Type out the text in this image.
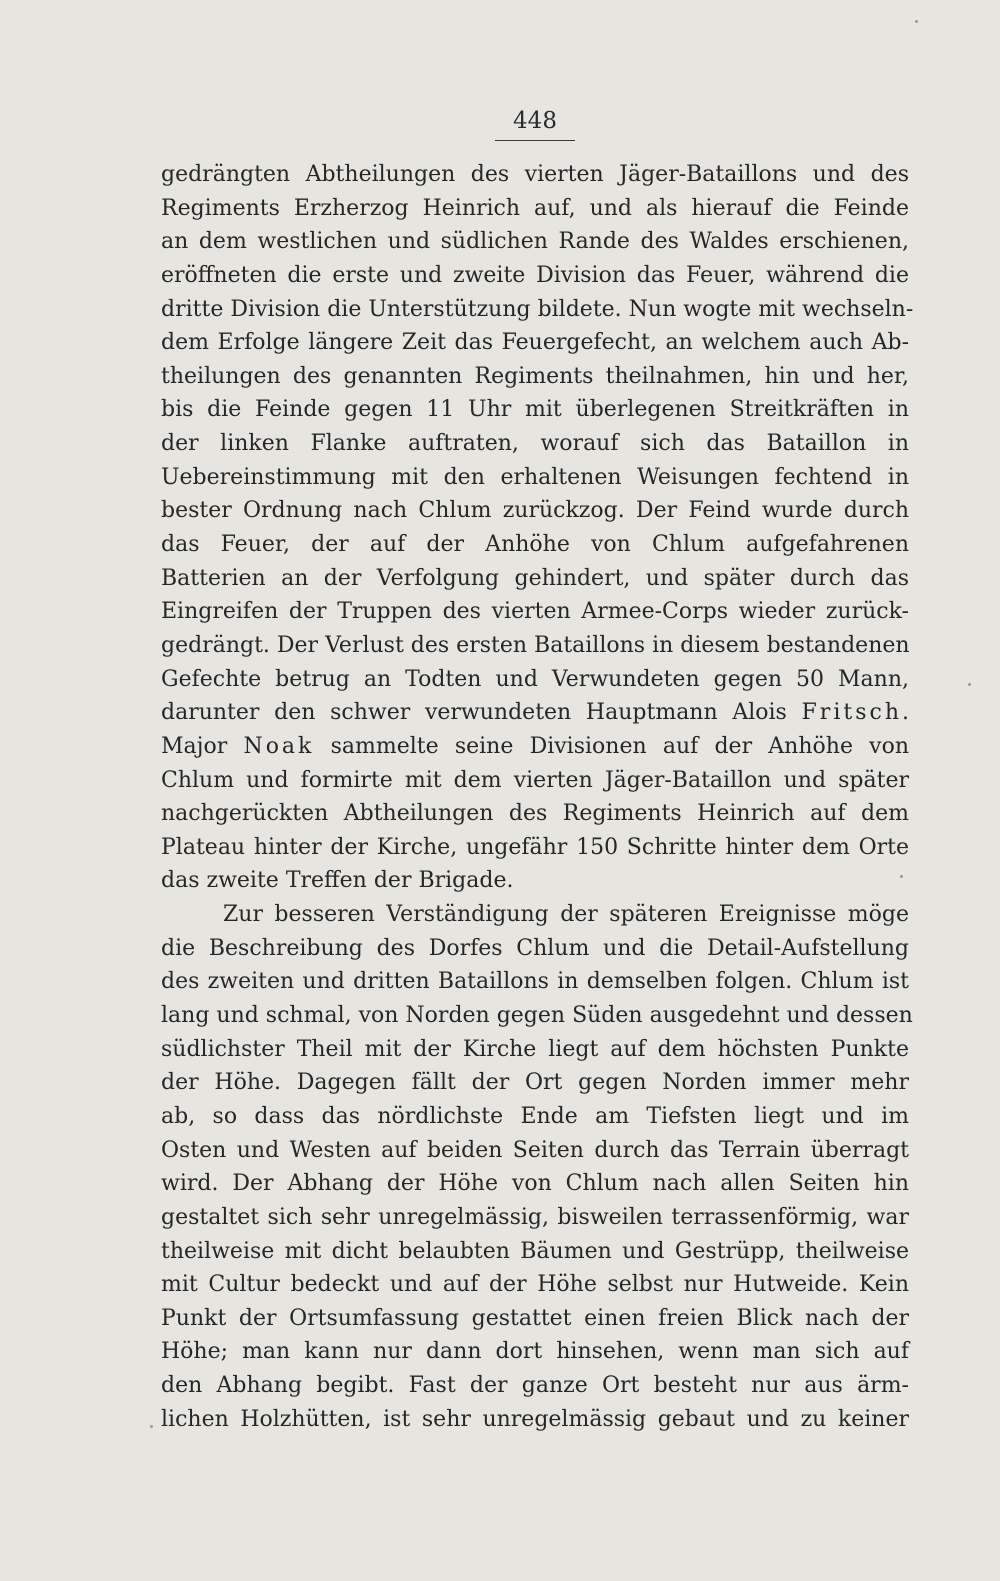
448
gedrängten Abtheilungen des vierten Jäger-Bataillons und des
Regiments Erzherzog Heinrich auf, und als hierauf die Feinde
an dem westlichen und südlichen Rande des Waldes erschienen,
eröffneten die erste und zweite Division das Feuer, während die
dritte Division die Unterstützung bildete. Nun wogte mit wechseln-
dem Erfolge längere Zeit das Feuergefecht, an welchem auch Ab-
theilungen des genannten Regiments theilnahmen, hin und her,
bis die Feinde gegen 11 Uhr mit überlegenen Streitkräften in
der linken Flanke auftraten, worauf sich das Bataillon in
Uebereinstimmung mit den erhaltenen Weisungen fechtend in
bester Ordnung nach Chlum zurückzog. Der Feind wurde durch
das Feuer, der auf der Anhöhe von Chlum aufgefahrenen
Batterien an der Verfolgung gehindert, und später durch das
Eingreifen der Truppen des vierten Armee-Corps wieder zurück-
gedrängt. Der Verlust des ersten Bataillons in diesem bestandenen
Gefechte betrug an Todten und Verwundeten gegen 50 Mann,
darunter den schwer verwundeten Hauptmann Alois Fritsch.
Major Noak sammelte seine Divisionen auf der Anhöhe von
Chlum und formirte mit dem vierten Jäger-Bataillon und später
nachgerückten Abtheilungen des Regiments Heinrich auf dem
Plateau hinter der Kirche, ungefähr 150 Schritte hinter dem Orte
das zweite Treffen der Brigade.
Zur besseren Verständigung der späteren Ereignisse möge
die Beschreibung des Dorfes Chlum und die Detail-Aufstellung
des zweiten und dritten Bataillons in demselben folgen. Chlum ist
lang und schmal, von Norden gegen Süden ausgedehnt und dessen
südlichster Theil mit der Kirche liegt auf dem höchsten Punkte
der Höhe. Dagegen fällt der Ort gegen Norden immer mehr
ab, so dass das nördlichste Ende am Tiefsten liegt und im
Osten und Westen auf beiden Seiten durch das Terrain überragt
wird. Der Abhang der Höhe von Chlum nach allen Seiten hin
gestaltet sich sehr unregelmässig, bisweilen terrassenförmig, war
theilweise mit dicht belaubten Bäumen und Gestrüpp, theilweise
mit Cultur bedeckt und auf der Höhe selbst nur Hutweide. Kein
Punkt der Ortsumfassung gestattet einen freien Blick nach der
Höhe; man kann nur dann dort hinsehen, wenn man sich auf
den Abhang begibt. Fast der ganze Ort besteht nur aus ärm-
lichen Holzhütten, ist sehr unregelmässig gebaut und zu keiner
